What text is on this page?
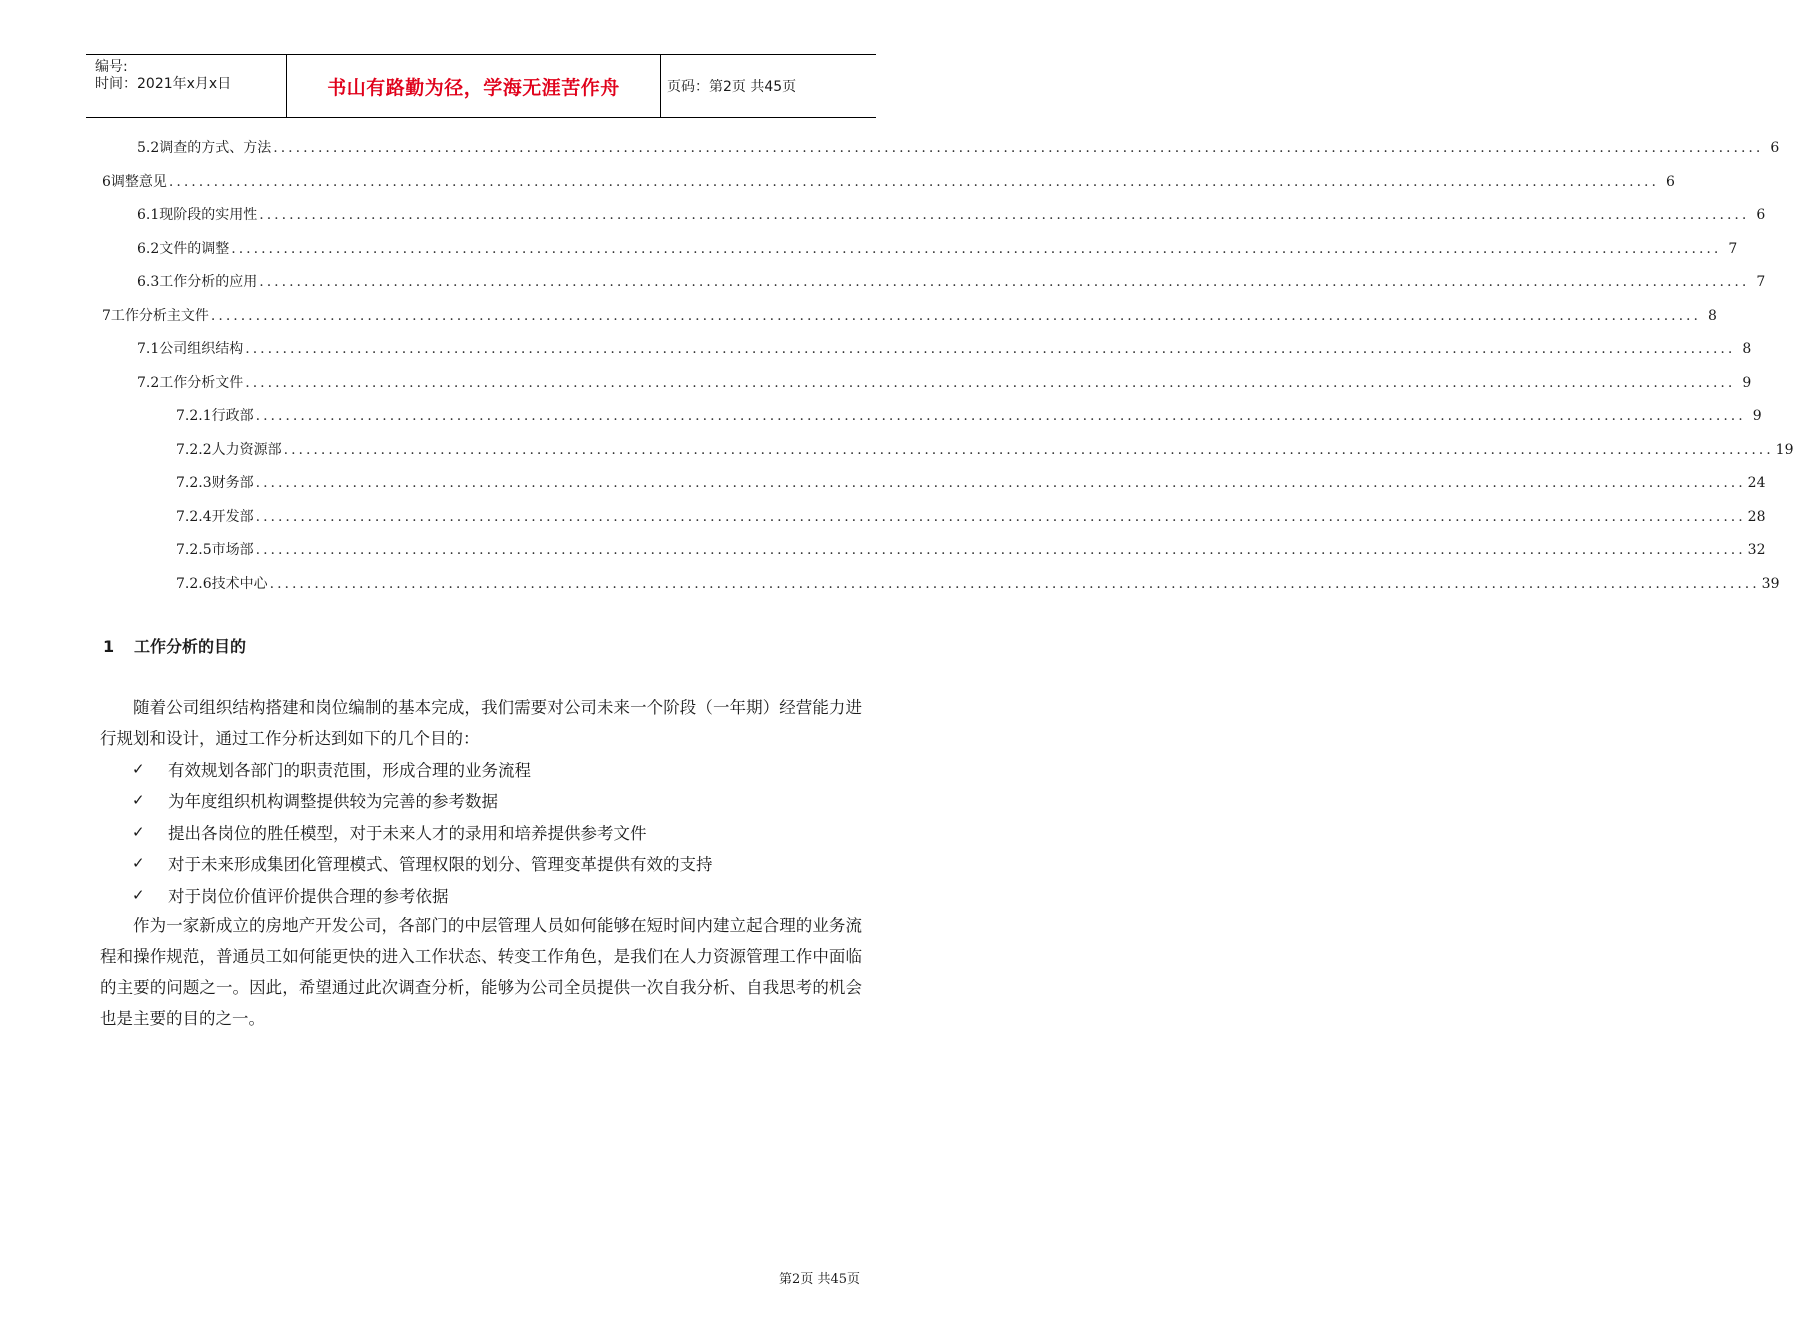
编号:
时间：2021年x月x日	书山有路勤为径，学海无涯苦作舟	页码：第2页 共45页
5.2 调查的方式、方法 ........................................................................................................................................................................................................ 6
6 调整意见 ........................................................................................................................................................................................................ 6
6.1 现阶段的实用性 ........................................................................................................................................................................................................ 6
6.2 文件的调整 ........................................................................................................................................................................................................ 7
6.3 工作分析的应用 ........................................................................................................................................................................................................ 7
7 工作分析主文件 ........................................................................................................................................................................................................ 8
7.1 公司组织结构 ........................................................................................................................................................................................................ 8
7.2 工作分析文件 ........................................................................................................................................................................................................ 9
7.2.1 行政部 ........................................................................................................................................................................................................ 9
7.2.2 人力资源部 ........................................................................................................................................................................................................ 19
7.2.3 财务部 ........................................................................................................................................................................................................ 24
7.2.4 开发部 ........................................................................................................................................................................................................ 28
7.2.5 市场部 ........................................................................................................................................................................................................ 32
7.2.6 技术中心 ........................................................................................................................................................................................................ 39
1 工作分析的目的

随着公司组织结构搭建和岗位编制的基本完成，我们需要对公司未来一个阶段（一年期）经营能力进行规划和设计，通过工作分析达到如下的几个目的：

✓	有效规划各部门的职责范围，形成合理的业务流程
✓	为年度组织机构调整提供较为完善的参考数据
✓	提出各岗位的胜任模型，对于未来人才的录用和培养提供参考文件
✓	对于未来形成集团化管理模式、管理权限的划分、管理变革提供有效的支持
✓	对于岗位价值评价提供合理的参考依据

作为一家新成立的房地产开发公司，各部门的中层管理人员如何能够在短时间内建立起合理的业务流程和操作规范，普通员工如何能更快的进入工作状态、转变工作角色，是我们在人力资源管理工作中面临的主要的问题之一。因此，希望通过此次调查分析，能够为公司全员提供一次自我分析、自我思考的机会也是主要的目的之一。

第2页 共45页
